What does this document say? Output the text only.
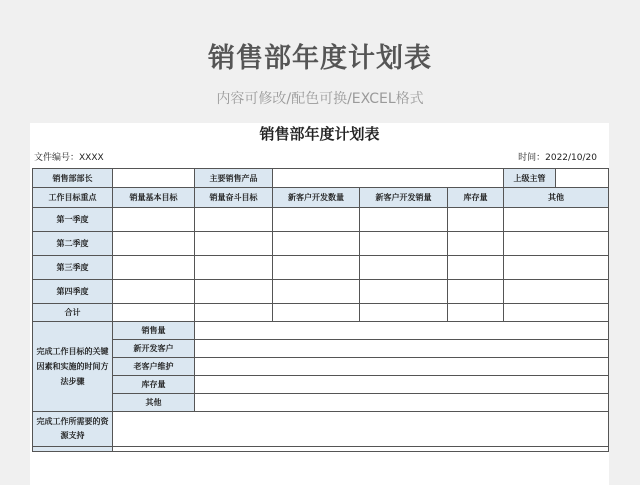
销售部年度计划表
内容可修改/配色可换/EXCEL格式
销售部年度计划表
文件编号：XXXX	时间：2022/10/20
销售部部长		主要销售产品				上级主管	
工作目标重点	销量基本目标	销量奋斗目标	新客户开发数量	新客户开发销量	库存量	其他	
第一季度							
第二季度							
第三季度							
第四季度							
合计							
完成工作目标的关键因素和实施的时间方法步骤	销售量						
	新开发客户						
	老客户维护						
	库存量						
	其他						
完成工作所需要的资源支持							
